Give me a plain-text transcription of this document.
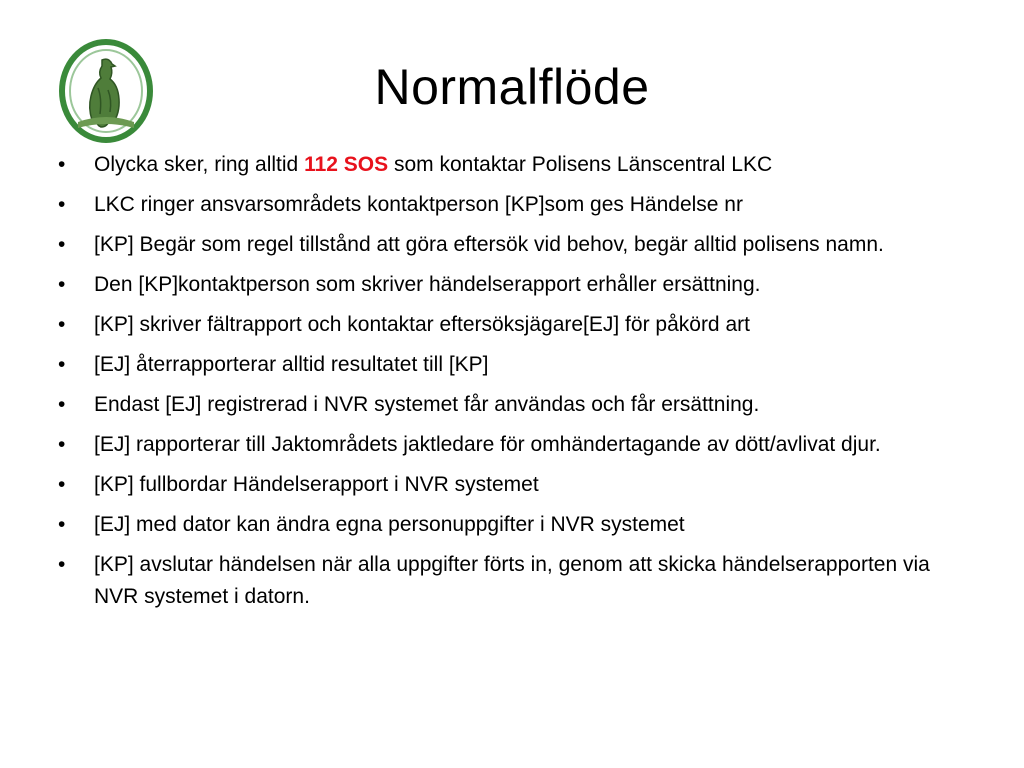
Normalflöde
• Olycka sker, ring alltid 112 SOS som kontaktar Polisens Länscentral LKC
• LKC ringer ansvarsområdets kontaktperson [KP]som ges Händelse nr
• [KP] Begär som regel tillstånd att göra eftersök vid behov, begär alltid polisens namn.
• Den [KP]kontaktperson som skriver händelserapport erhåller ersättning.
• [KP] skriver fältrapport och kontaktar eftersöksjägare[EJ] för påkörd art
• [EJ] återrapporterar alltid resultatet till [KP]
• Endast [EJ] registrerad i NVR systemet får användas och får ersättning.
• [EJ] rapporterar till Jaktområdets jaktledare för omhändertagande av dött/avlivat djur.
• [KP] fullbordar Händelserapport i NVR systemet
• [EJ] med dator kan ändra egna personuppgifter i NVR systemet
• [KP] avslutar händelsen när alla uppgifter förts in, genom att skicka händelserapporten via NVR systemet i datorn.
